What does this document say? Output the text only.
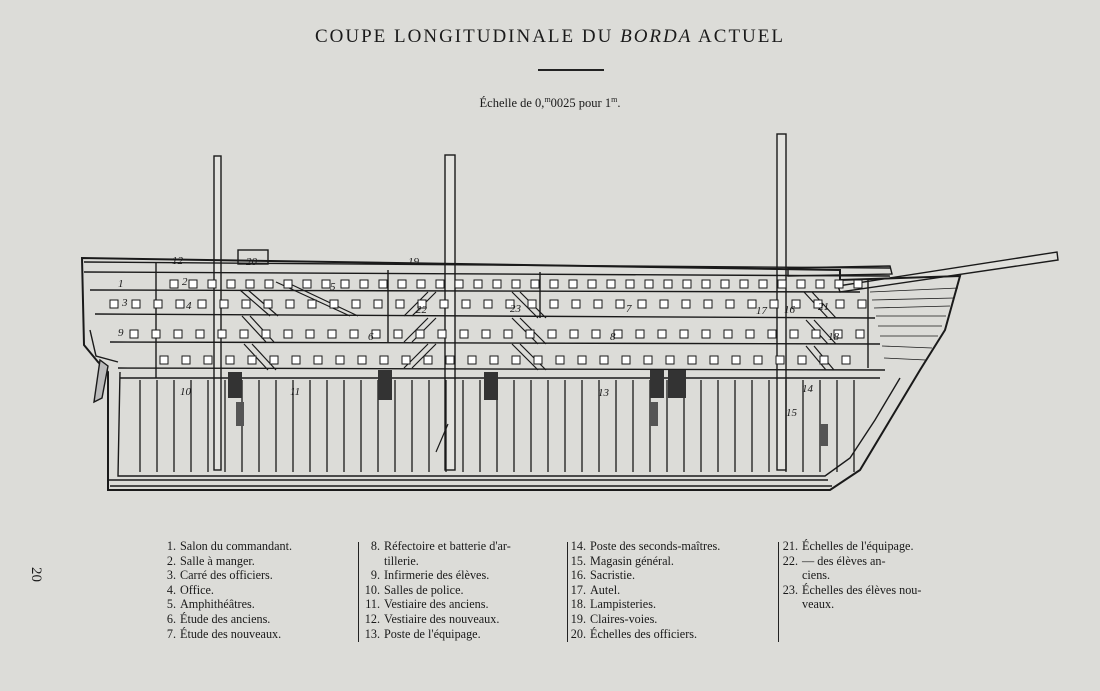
COUPE LONGITUDINALE DU BORDA ACTUEL
Échelle de 0,$^m$0025 pour 1$^m$.
1	2
3	4
5
6
7
8
9
10	11
12
13	14
15
16
17
18
19
20
21
22	23
20
1. Salon du commandant.
2. Salle à manger.
3. Carré des officiers.
4. Office.
5. Amphithéâtres.
6. Étude des anciens.
7. Étude des nouveaux.
8. Réfectoire et batterie d'ar-
tillerie.
9. Infirmerie des élèves.
10. Salles de police.
11. Vestiaire des anciens.
12. Vestiaire des nouveaux.
13. Poste de l'équipage.
14. Poste des seconds-maîtres.
15. Magasin général.
16. Sacristie.
17. Autel.
18. Lampisteries.
19. Claires-voies.
20. Échelles des officiers.
21. Échelles de l'équipage.
22. — des élèves an-
ciens.
23. Échelles des élèves nou-
veaux.
